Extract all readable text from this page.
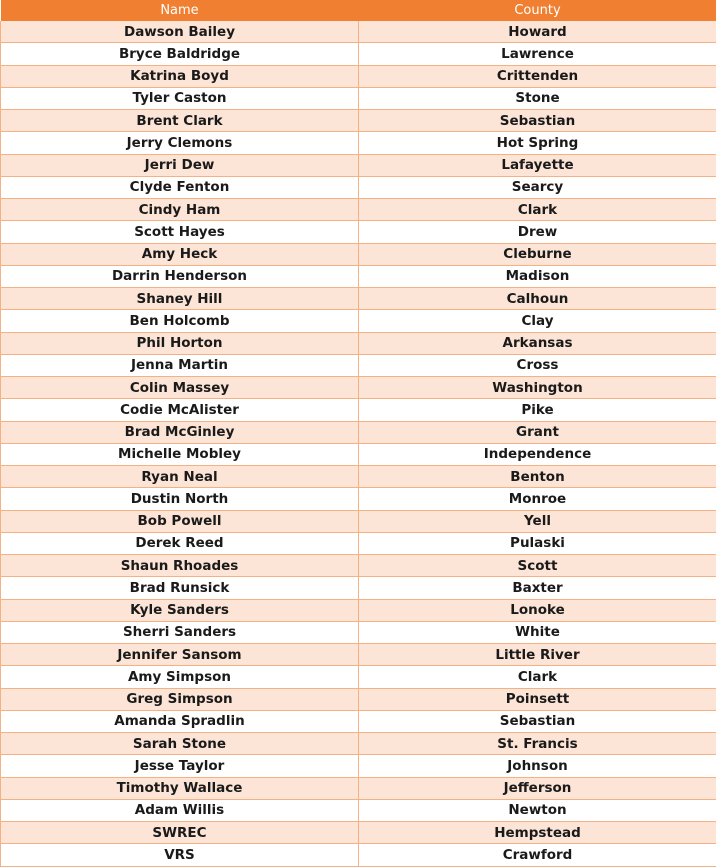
Name	County
Dawson Bailey	Howard
Bryce Baldridge	Lawrence
Katrina Boyd	Crittenden
Tyler Caston	Stone
Brent Clark	Sebastian
Jerry Clemons	Hot Spring
Jerri Dew	Lafayette
Clyde Fenton	Searcy
Cindy Ham	Clark
Scott Hayes	Drew
Amy Heck	Cleburne
Darrin Henderson	Madison
Shaney Hill	Calhoun
Ben Holcomb	Clay
Phil Horton	Arkansas
Jenna Martin	Cross
Colin Massey	Washington
Codie McAlister	Pike
Brad McGinley	Grant
Michelle Mobley	Independence
Ryan Neal	Benton
Dustin North	Monroe
Bob Powell	Yell
Derek Reed	Pulaski
Shaun Rhoades	Scott
Brad Runsick	Baxter
Kyle Sanders	Lonoke
Sherri Sanders	White
Jennifer Sansom	Little River
Amy Simpson	Clark
Greg Simpson	Poinsett
Amanda Spradlin	Sebastian
Sarah Stone	St. Francis
Jesse Taylor	Johnson
Timothy Wallace	Jefferson
Adam Willis	Newton
SWREC	Hempstead
VRS	Crawford
